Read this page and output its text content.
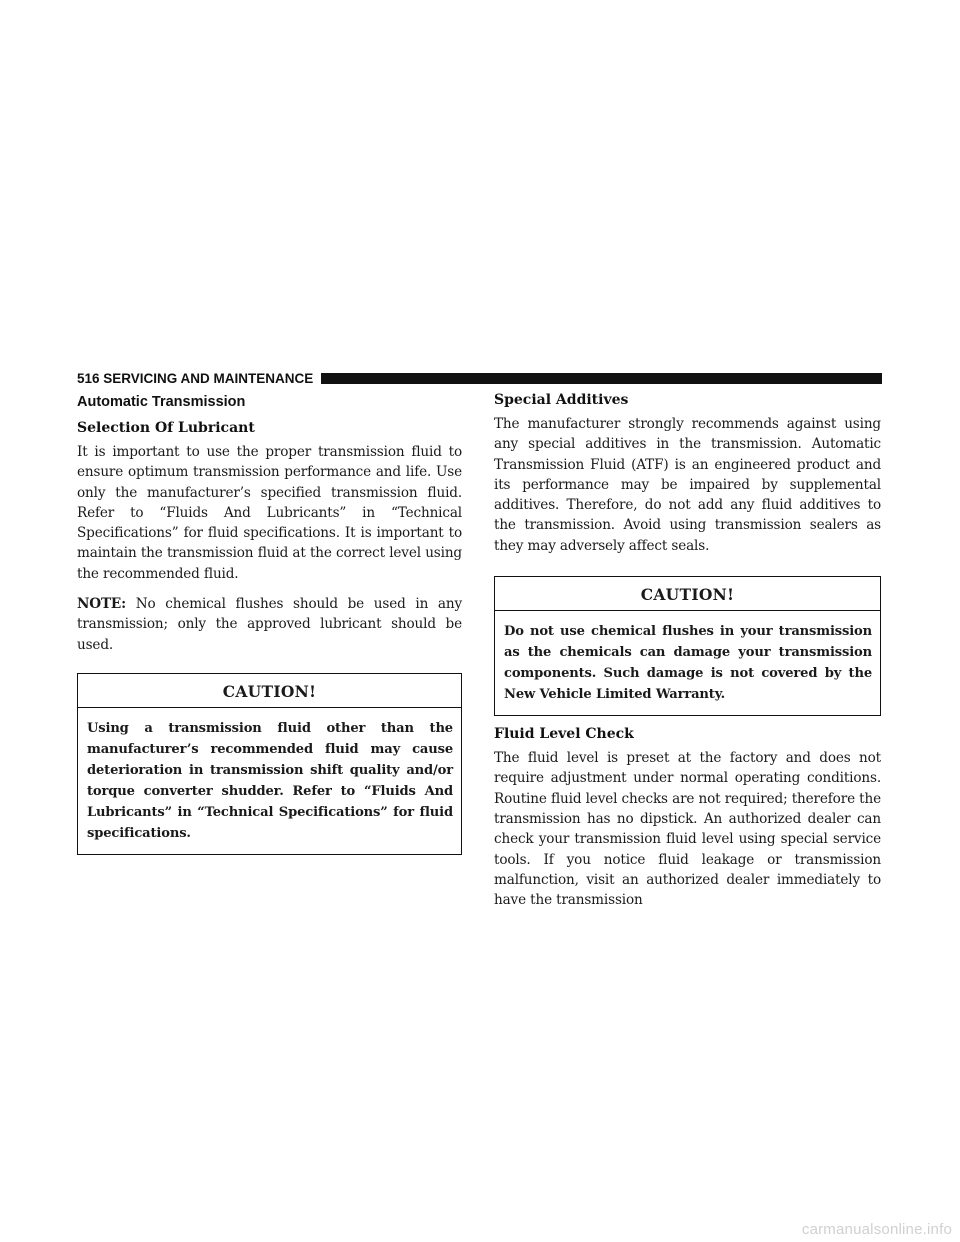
516 SERVICING AND MAINTENANCE
Automatic Transmission
Selection Of Lubricant

It is important to use the proper transmission fluid to ensure optimum transmission performance and life. Use only the manufacturer’s specified transmission fluid. Refer to “Fluids And Lubricants” in “Technical Specifications” for fluid specifications. It is important to maintain the transmission fluid at the correct level using the recommended fluid.

NOTE: No chemical flushes should be used in any transmission; only the approved lubricant should be used.

CAUTION!
Using a transmission fluid other than the manufacturer’s recommended fluid may cause deterioration in transmission shift quality and/or torque converter shudder. Refer to “Fluids And Lubricants” in “Technical Specifications” for fluid specifications.
Special Additives

The manufacturer strongly recommends against using any special additives in the transmission. Automatic Transmission Fluid (ATF) is an engineered product and its performance may be impaired by supplemental additives. Therefore, do not add any fluid additives to the transmission. Avoid using transmission sealers as they may adversely affect seals.

CAUTION!
Do not use chemical flushes in your transmission as the chemicals can damage your transmission components. Such damage is not covered by the New Vehicle Limited Warranty.
Fluid Level Check

The fluid level is preset at the factory and does not require adjustment under normal operating conditions. Routine fluid level checks are not required; therefore the transmission has no dipstick. An authorized dealer can check your transmission fluid level using special service tools. If you notice fluid leakage or transmission malfunction, visit an authorized dealer immediately to have the transmission

carmanualsonline.info
